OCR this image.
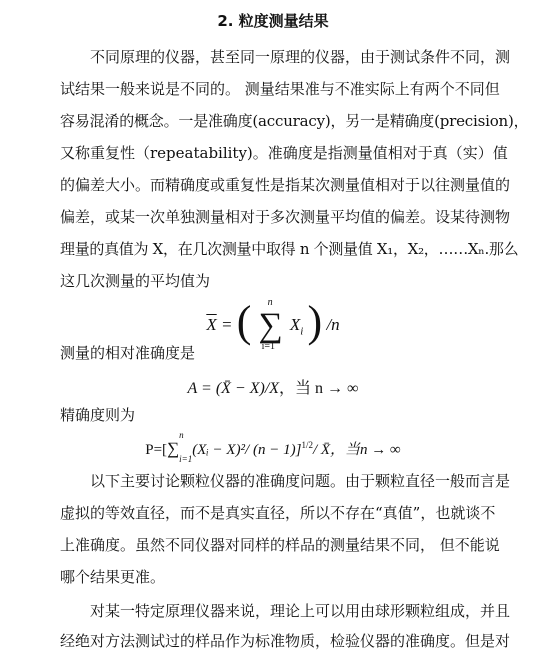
2. 粒度测量结果
不同原理的仪器，甚至同一原理的仪器，由于测试条件不同，测
试结果一般来说是不同的。 测量结果准与不准实际上有两个不同但
容易混淆的概念。一是准确度(accuracy)，另一是精确度(precision)，
又称重复性（repeatability)。准确度是指测量值相对于真（实）值
的偏差大小。而精确度或重复性是指某次测量值相对于以往测量值的
偏差，或某一次单独测量相对于多次测量平均值的偏差。设某待测物
理量的真值为 X，在几次测量中取得 n 个测量值 X₁，X₂，……Xₙ.那么
这几次测量的平均值为
$\overline{X}$ = ( n
∑
i=1
$X_i$ ) /n
测量的相对准确度是
A = (X̄ − X)/X，当 n → ∞
精确度则为
P=[∑
n
$_{i=1}$(Xᵢ − X)²/ (n − 1)]$^{1/2}$/ X̄，当n → ∞
以下主要讨论颗粒仪器的准确度问题。由于颗粒直径一般而言是
虚拟的等效直径，而不是真实直径，所以不存在“真值”，也就谈不
上准确度。虽然不同仪器对同样的样品的测量结果不同， 但不能说
哪个结果更准。
对某一特定原理仪器来说，理论上可以用由球形颗粒组成，并且
经绝对方法测试过的样品作为标准物质，检验仪器的准确度。但是对
